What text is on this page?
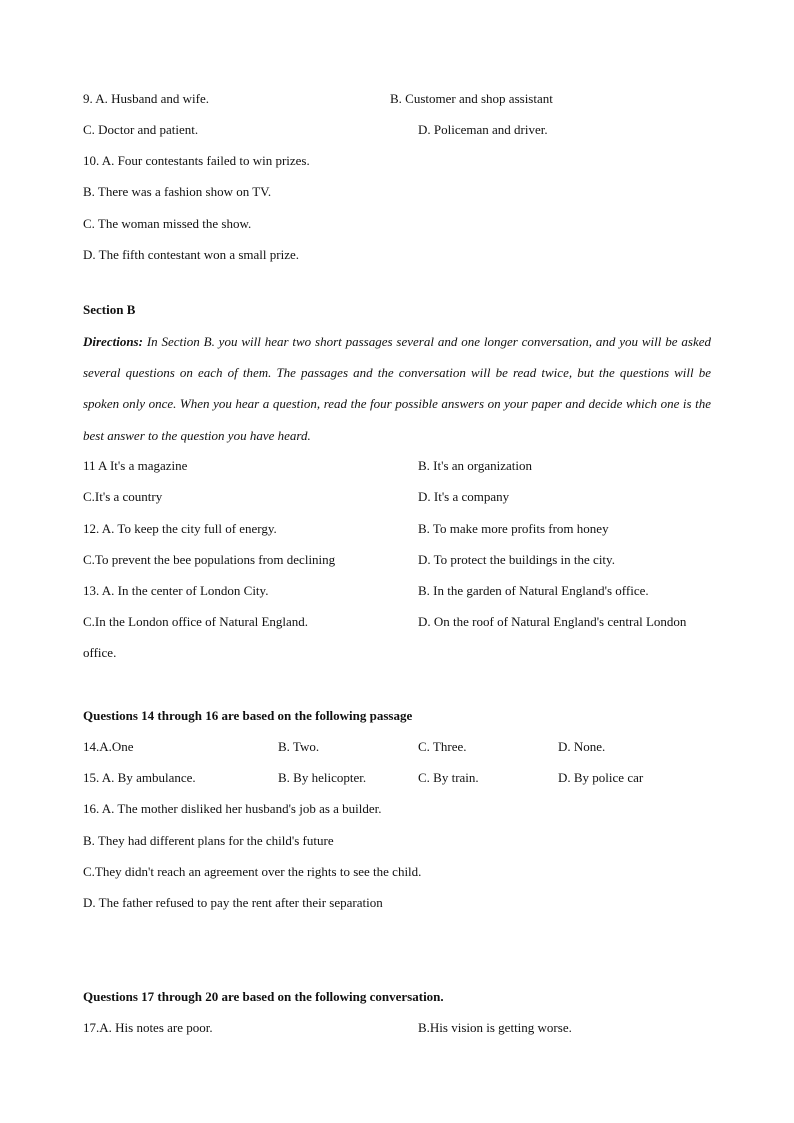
9. A. Husband and wife.	B. Customer and shop assistant
C. Doctor and patient.	D. Policeman and driver.
10. A. Four contestants failed to win prizes.
B. There was a fashion show on TV.
C. The woman missed the show.
D. The fifth contestant won a small prize.
Section B
Directions: In Section B. you will hear two short passages several and one longer conversation, and you will be asked several questions on each of them. The passages and the conversation will be read twice, but the questions will be spoken only once. When you hear a question, read the four possible answers on your paper and decide which one is the best answer to the question you have heard.
11 A It's a magazine	B. It's an organization
C.It's a country	D. It's a company
12. A. To keep the city full of energy.	B. To make more profits from honey
C.To prevent the bee populations from declining	D. To protect the buildings in the city.
13. A. In the center of London City.	B. In the garden of Natural England's office.
C.In the London office of Natural England.	D. On the roof of Natural England's central London
office.
Questions 14 through 16 are based on the following passage
14.A.One	B. Two.	C. Three.	D. None.
15. A. By ambulance.	B. By helicopter.	C. By train.	D. By police car
16. A. The mother disliked her husband's job as a builder.
B. They had different plans for the child's future
C.They didn't reach an agreement over the rights to see the child.
D. The father refused to pay the rent after their separation
Questions 17 through 20 are based on the following conversation.
17.A. His notes are poor.	B.His vision is getting worse.
